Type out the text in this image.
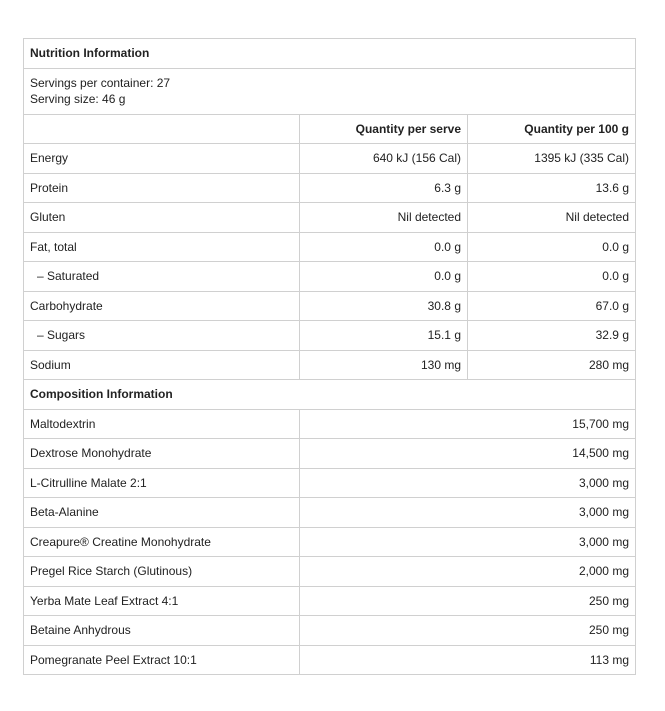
Nutrition Information		

Servings per container: 27
Serving size: 46 g		

	Quantity per serve	Quantity per 100 g
Energy	640 kJ (156 Cal)	1395 kJ (335 Cal)
Protein	6.3 g	13.6 g
Gluten	Nil detected	Nil detected
Fat, total	0.0 g	0.0 g
– Saturated	0.0 g	0.0 g
Carbohydrate	30.8 g	67.0 g
– Sugars	15.1 g	32.9 g
Sodium	130 mg	280 mg
Composition Information		
Maltodextrin	15,700 mg	
Dextrose Monohydrate	14,500 mg	
L-Citrulline Malate 2:1	3,000 mg	
Beta-Alanine	3,000 mg	
Creapure® Creatine Monohydrate	3,000 mg	
Pregel Rice Starch (Glutinous)	2,000 mg	
Yerba Mate Leaf Extract 4:1	250 mg	
Betaine Anhydrous	250 mg	
Pomegranate Peel Extract 10:1	113 mg	
